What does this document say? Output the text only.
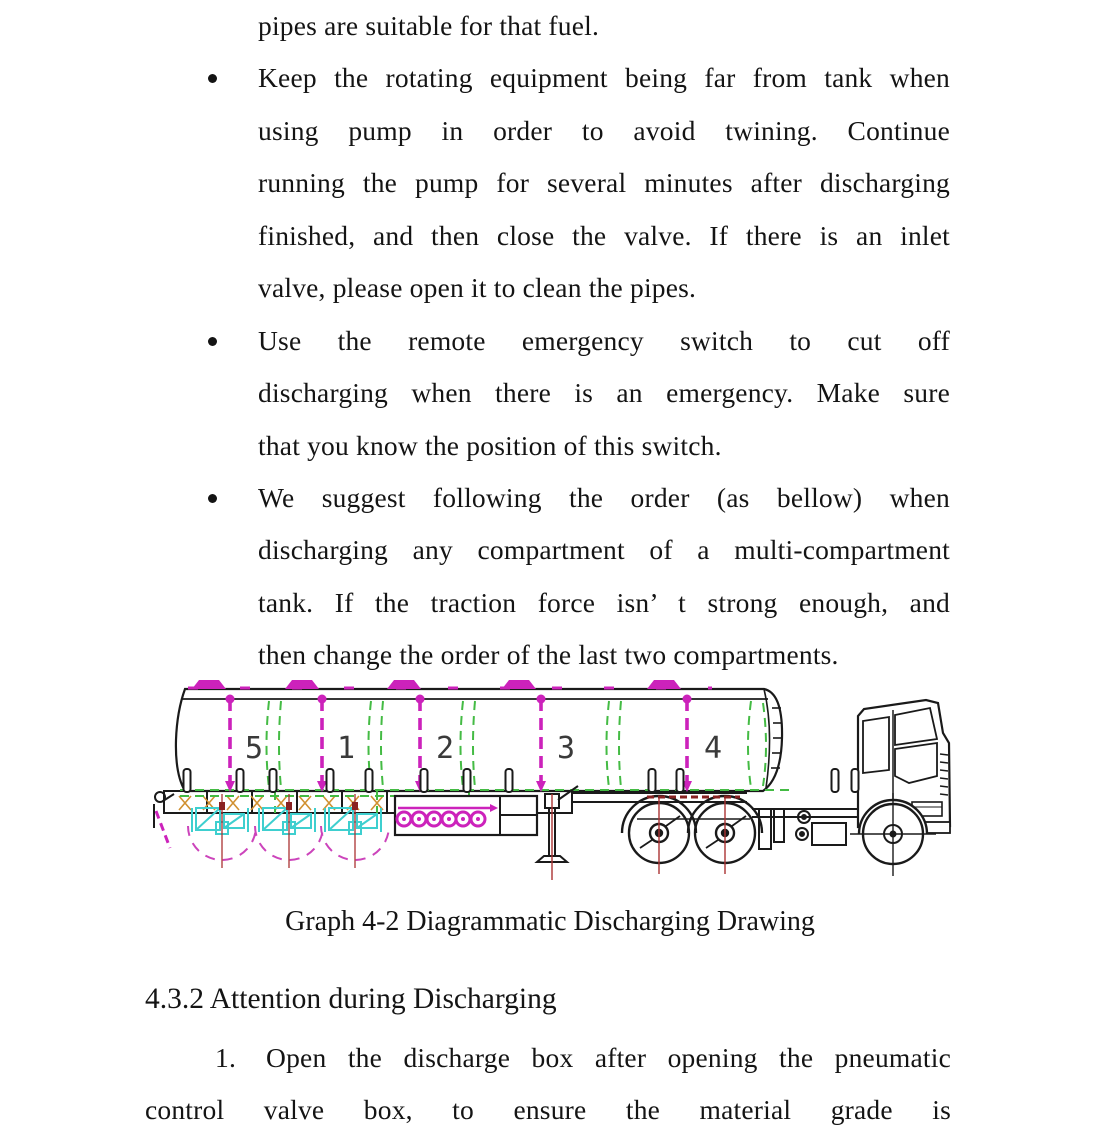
pipes are suitable for that fuel.
Keep the rotating equipment being far from tank when
using pump in order to avoid twining. Continue
running the pump for several minutes after discharging
finished, and then close the valve. If there is an inlet
valve, please open it to clean the pipes.
Use the remote emergency switch to cut off
discharging when there is an emergency. Make sure
that you know the position of this switch.
We suggest following the order (as bellow) when
discharging any compartment of a multi-compartment
tank. If the traction force isn’ t strong enough, and
then change the order of the last two compartments.
5 1	2	3	4
Graph 4-2 Diagrammatic Discharging Drawing
4.3.2 Attention during Discharging
1. Open the discharge box after opening the pneumatic
control valve box, to ensure the material grade is
